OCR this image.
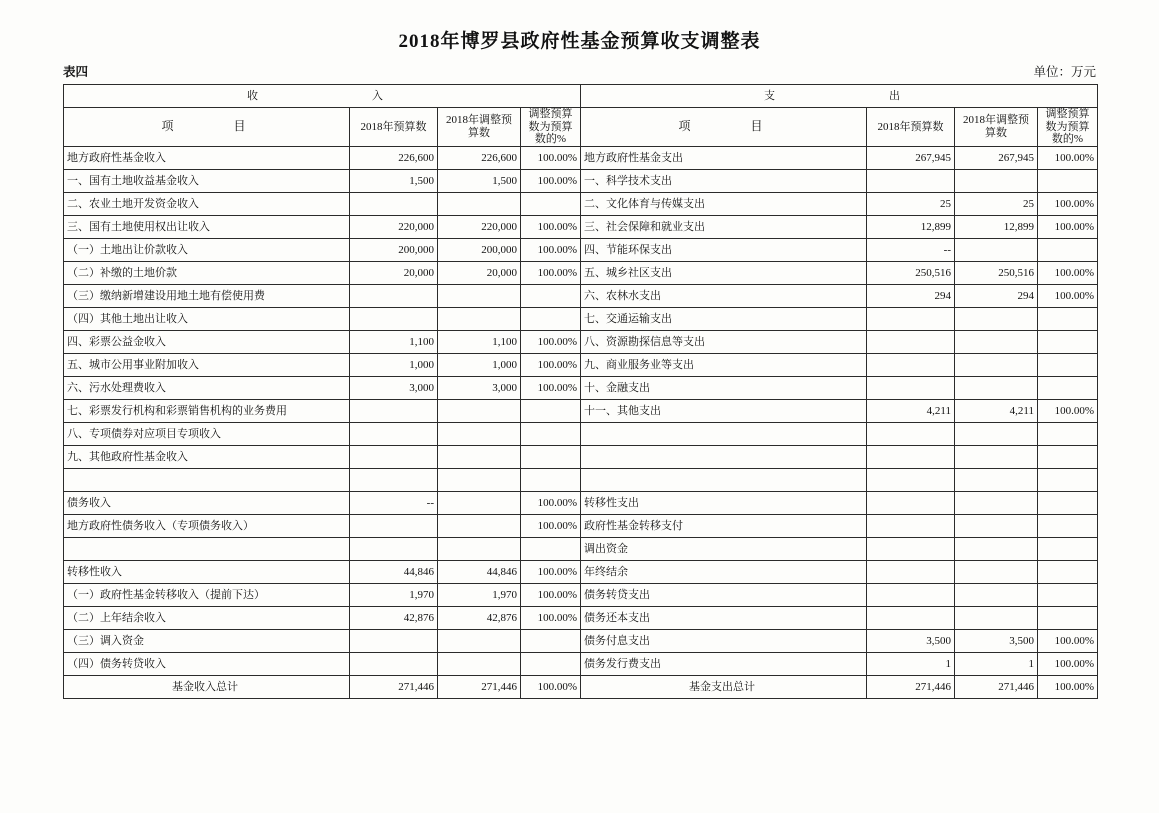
2018年博罗县政府性基金预算收支调整表
表四	单位：万元
收　　　　入				支　　　　出			
项　　　目	2018年预算数	2018年调整预算数	调整预算数为预算数的%	项　　　目	2018年预算数	2018年调整预算数	调整预算数为预算数的%
地方政府性基金收入	226,600	226,600	100.00%	地方政府性基金支出	267,945	267,945	100.00%
一、国有土地收益基金收入	1,500	1,500	100.00%	一、科学技术支出			
二、农业土地开发资金收入				二、文化体育与传媒支出	25	25	100.00%
三、国有土地使用权出让收入	220,000	220,000	100.00%	三、社会保障和就业支出	12,899	12,899	100.00%
（一）土地出让价款收入	200,000	200,000	100.00%	四、节能环保支出	--		
（二）补缴的土地价款	20,000	20,000	100.00%	五、城乡社区支出	250,516	250,516	100.00%
（三）缴纳新增建设用地土地有偿使用费				六、农林水支出	294	294	100.00%
（四）其他土地出让收入				七、交通运输支出			
四、彩票公益金收入	1,100	1,100	100.00%	八、资源勘探信息等支出			
五、城市公用事业附加收入	1,000	1,000	100.00%	九、商业服务业等支出			
六、污水处理费收入	3,000	3,000	100.00%	十、金融支出			
七、彩票发行机构和彩票销售机构的业务费用				十一、其他支出	4,211	4,211	100.00%
八、专项债券对应项目专项收入							
九、其他政府性基金收入							

债务收入	--		100.00%	转移性支出			
地方政府性债务收入（专项债务收入）			100.00%	政府性基金转移支付			
				调出资金			
转移性收入	44,846	44,846	100.00%	年终结余			
（一）政府性基金转移收入（提前下达）	1,970	1,970	100.00%	债务转贷支出			
（二）上年结余收入	42,876	42,876	100.00%	债务还本支出			
（三）调入资金				债务付息支出	3,500	3,500	100.00%
（四）债务转贷收入				债务发行费支出	1	1	100.00%
基金收入总计	271,446	271,446	100.00%	基金支出总计	271,446	271,446	100.00%
